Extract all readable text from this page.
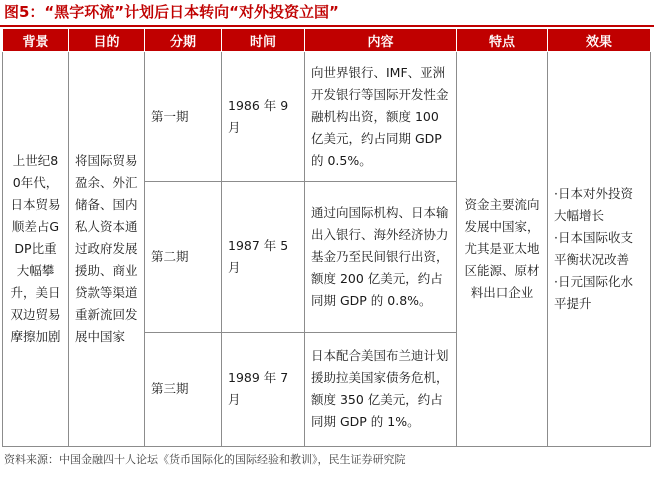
图5：“黑字环流”计划后日本转向“对外投资立国”
背景	目的	分期	时间	内容	特点	效果
上世纪80年代，日本贸易顺差占GDP比重大幅攀升，美日双边贸易摩擦加剧	将国际贸易盈余、外汇储备、国内私人资本通过政府发展援助、商业贷款等渠道重新流回发展中国家	第一期	1986 年 9月	向世界银行、IMF、亚洲开发银行等国际开发性金融机构出资，额度 100 亿美元，约占同期 GDP 的 0.5%。	资金主要流向发展中国家，尤其是亚太地区能源、原材料出口企业	·日本对外投资大幅增长
·日本国际收支平衡状况改善
·日元国际化水平提升

		第二期	1987 年 5月	通过向国际机构、日本输出入银行、海外经济协力基金乃至民间银行出资，额度 200 亿美元，约占同期 GDP 的 0.8%。		
		第三期	1989 年 7月	日本配合美国布兰迪计划援助拉美国家债务危机，额度 350 亿美元，约占同期 GDP 的 1%。		
资料来源：中国金融四十人论坛《货币国际化的国际经验和教训》，民生证券研究院
